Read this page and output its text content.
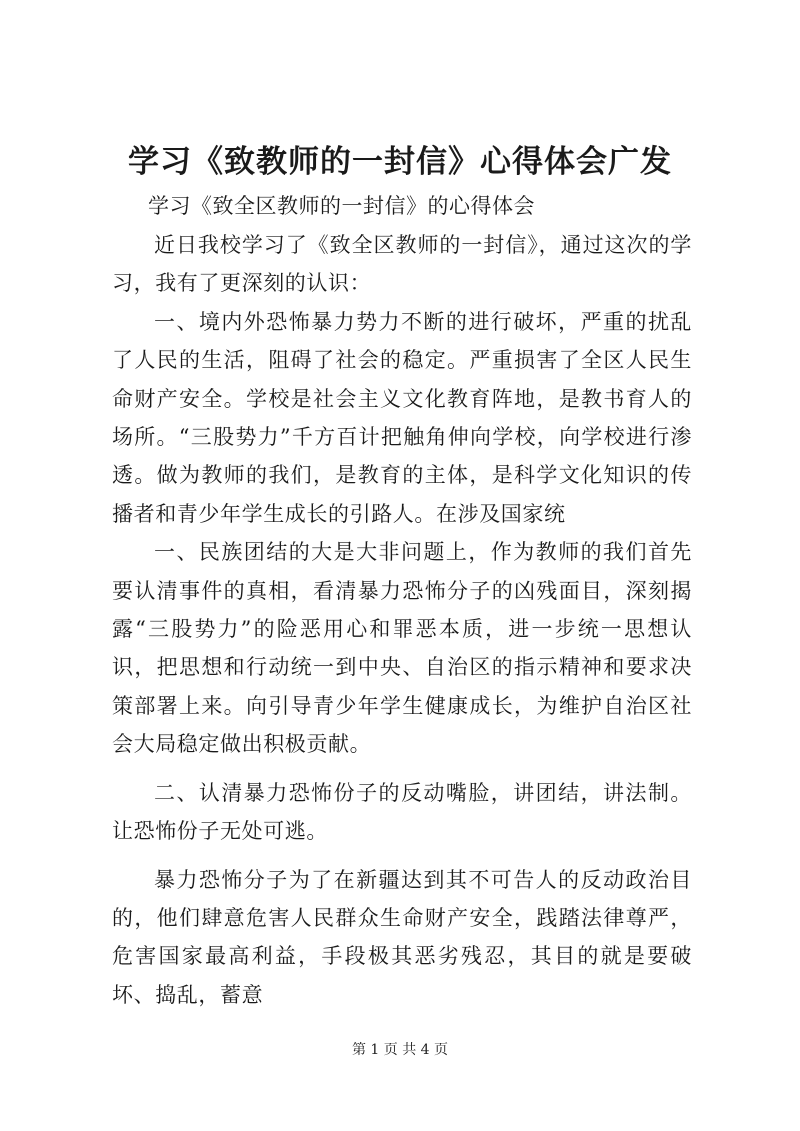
学习《致教师的一封信》心得体会广发
学习《致全区教师的一封信》的心得体会

近日我校学习了《致全区教师的一封信》，通过这次的学习，我有了更深刻的认识：

一、境内外恐怖暴力势力不断的进行破坏，严重的扰乱了人民的生活，阻碍了社会的稳定。严重损害了全区人民生命财产安全。学校是社会主义文化教育阵地，是教书育人的场所。“三股势力”千方百计把触角伸向学校，向学校进行渗透。做为教师的我们，是教育的主体，是科学文化知识的传播者和青少年学生成长的引路人。在涉及国家统

一、民族团结的大是大非问题上，作为教师的我们首先要认清事件的真相，看清暴力恐怖分子的凶残面目，深刻揭露“三股势力”的险恶用心和罪恶本质，进一步统一思想认识，把思想和行动统一到中央、自治区的指示精神和要求决策部署上来。向引导青少年学生健康成长，为维护自治区社会大局稳定做出积极贡献。

二、认清暴力恐怖份子的反动嘴脸，讲团结，讲法制。让恐怖份子无处可逃。

暴力恐怖分子为了在新疆达到其不可告人的反动政治目的，他们肆意危害人民群众生命财产安全，践踏法律尊严，危害国家最高利益，手段极其恶劣残忍，其目的就是要破坏、捣乱，蓄意

第 1 页 共 4 页
